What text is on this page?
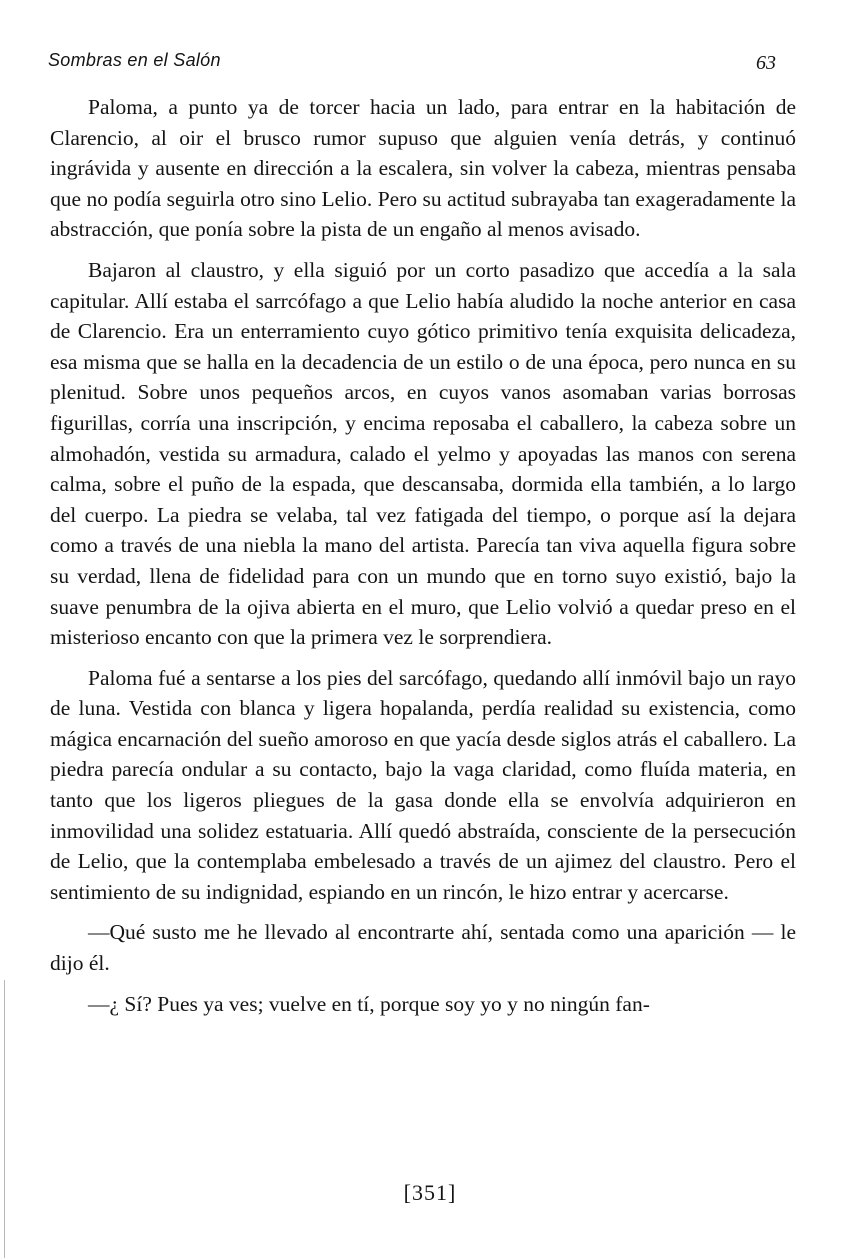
Sombras en el Salón	63

Paloma, a punto ya de torcer hacia un lado, para entrar en la habitación de Clarencio, al oir el brusco rumor supuso que alguien venía detrás, y continuó ingrávida y ausente en dirección a la escalera, sin volver la cabeza, mientras pensaba que no podía seguirla otro sino Lelio. Pero su actitud subrayaba tan exageradamente la abstracción, que ponía sobre la pista de un engaño al menos avisado.

Bajaron al claustro, y ella siguió por un corto pasadizo que accedía a la sala capitular. Allí estaba el sarrcófago a que Lelio había aludido la noche anterior en casa de Clarencio. Era un enterramiento cuyo gótico primitivo tenía exquisita delicadeza, esa misma que se halla en la decadencia de un estilo o de una época, pero nunca en su plenitud. Sobre unos pequeños arcos, en cuyos vanos asomaban varias borrosas figurillas, corría una inscripción, y encima reposaba el caballero, la cabeza sobre un almohadón, vestida su armadura, calado el yelmo y apoyadas las manos con serena calma, sobre el puño de la espada, que descansaba, dormida ella también, a lo largo del cuerpo. La piedra se velaba, tal vez fatigada del tiempo, o porque así la dejara como a través de una niebla la mano del artista. Parecía tan viva aquella figura sobre su verdad, llena de fidelidad para con un mundo que en torno suyo existió, bajo la suave penumbra de la ojiva abierta en el muro, que Lelio volvió a quedar preso en el misterioso encanto con que la primera vez le sorprendiera.

Paloma fué a sentarse a los pies del sarcófago, quedando allí inmóvil bajo un rayo de luna. Vestida con blanca y ligera hopalanda, perdía realidad su existencia, como mágica encarnación del sueño amoroso en que yacía desde siglos atrás el caballero. La piedra parecía ondular a su contacto, bajo la vaga claridad, como fluída materia, en tanto que los ligeros pliegues de la gasa donde ella se envolvía adquirieron en inmovilidad una solidez estatuaria. Allí quedó abstraída, consciente de la persecución de Lelio, que la contemplaba embelesado a través de un ajimez del claustro. Pero el sentimiento de su indignidad, espiando en un rincón, le hizo entrar y acercarse.

—Qué susto me he llevado al encontrarte ahí, sentada como una aparición — le dijo él.

—¿ Sí? Pues ya ves; vuelve en tí, porque soy yo y no ningún fan-

[351]
